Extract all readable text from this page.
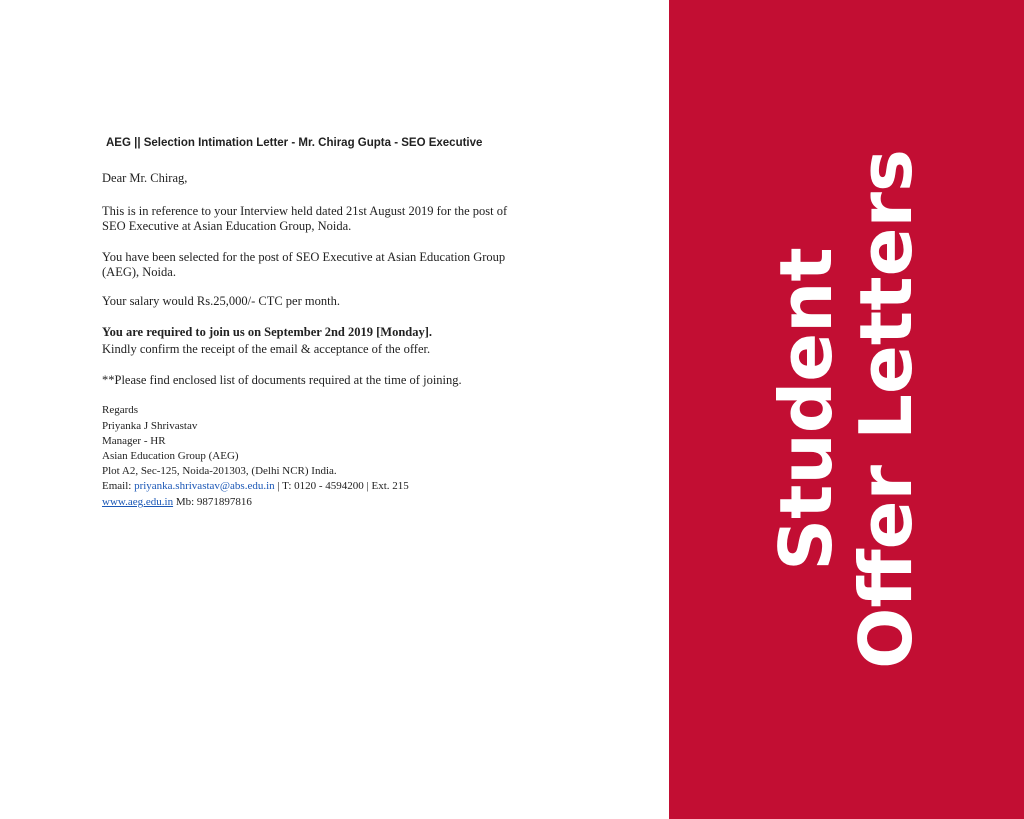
AEG || Selection Intimation Letter - Mr. Chirag Gupta - SEO Executive
Dear Mr. Chirag,
This is in reference to your Interview held dated 21st August 2019 for the post of
SEO Executive at Asian Education Group, Noida.
You have been selected for the post of SEO Executive at Asian Education Group
(AEG), Noida.
Your salary would Rs.25,000/- CTC per month.
You are required to join us on September 2nd 2019 [Monday].
Kindly confirm the receipt of the email & acceptance of the offer.
**Please find enclosed list of documents required at the time of joining.
Regards
Priyanka J Shrivastav
Manager - HR
Asian Education Group (AEG)
Plot A2, Sec-125, Noida-201303, (Delhi NCR) India.
Email: priyanka.shrivastav@abs.edu.in | T: 0120 - 4594200 | Ext. 215
www.aeg.edu.in Mb: 9871897816	Student
Offer Letters
